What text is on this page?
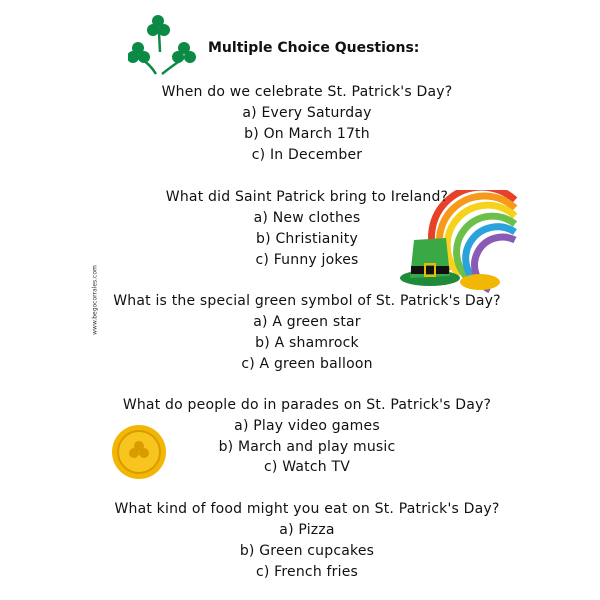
Multiple Choice Questions:
www.begocorrales.com
When do we celebrate St. Patrick's Day?
a) Every Saturday
b) On March 17th
c) In December
What did Saint Patrick bring to Ireland?
a) New clothes
b) Christianity
c) Funny jokes
What is the special green symbol of St. Patrick's Day?
a) A green star
b) A shamrock
c) A green balloon
What do people do in parades on St. Patrick's Day?
a) Play video games
b) March and play music
c) Watch TV
What kind of food might you eat on St. Patrick's Day?
a) Pizza
b) Green cupcakes
c) French fries
